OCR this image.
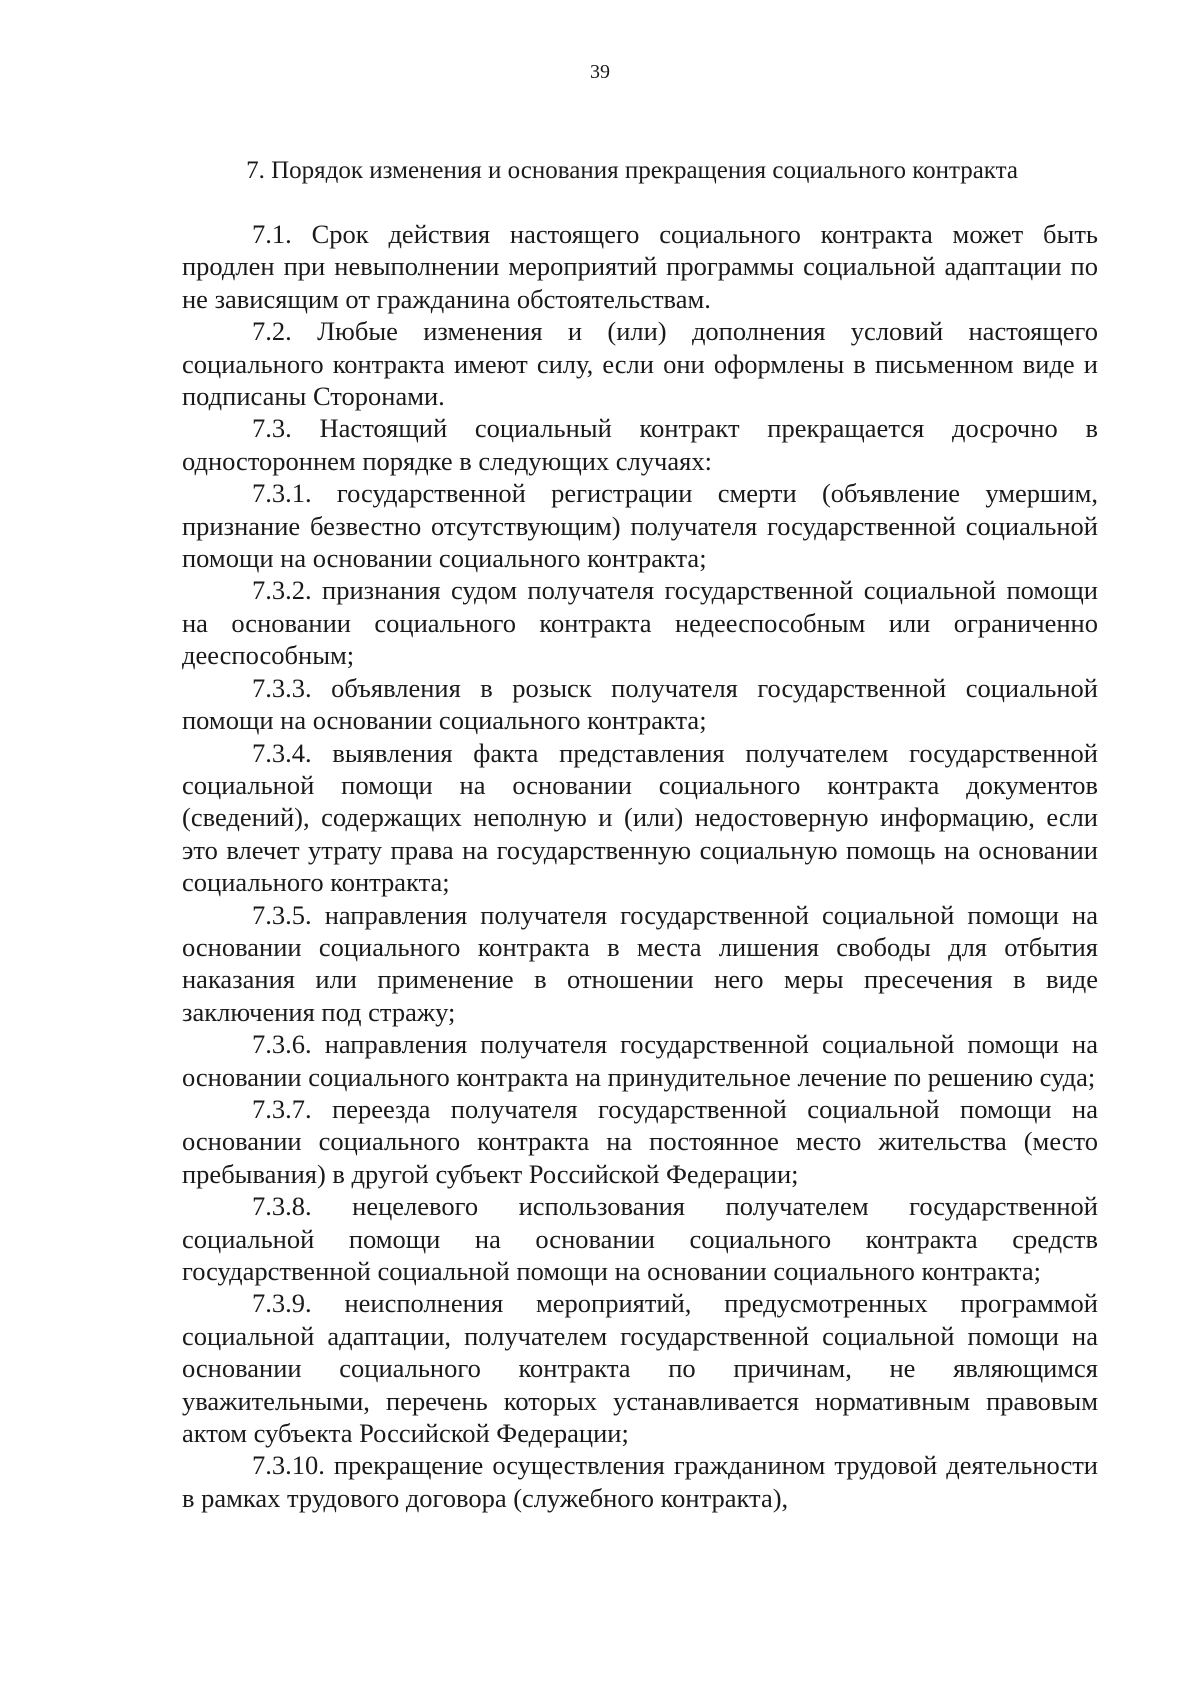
39
7. Порядок изменения и основания прекращения социального контракта

7.1. Срок действия настоящего социального контракта может быть продлен при невыполнении мероприятий программы социальной адаптации по не зависящим от гражданина обстоятельствам.

7.2. Любые изменения и (или) дополнения условий настоящего социального контракта имеют силу, если они оформлены в письменном виде и подписаны Сторонами.

7.3. Настоящий социальный контракт прекращается досрочно в одностороннем порядке в следующих случаях:

7.3.1. государственной регистрации смерти (объявление умершим, признание безвестно отсутствующим) получателя государственной социальной помощи на основании социального контракта;

7.3.2. признания судом получателя государственной социальной помощи на основании социального контракта недееспособным или ограниченно дееспособным;

7.3.3. объявления в розыск получателя государственной социальной помощи на основании социального контракта;

7.3.4. выявления факта представления получателем государственной социальной помощи на основании социального контракта документов (сведений), содержащих неполную и (или) недостоверную информацию, если это влечет утрату права на государственную социальную помощь на основании социального контракта;

7.3.5. направления получателя государственной социальной помощи на основании социального контракта в места лишения свободы для отбытия наказания или применение в отношении него меры пресечения в виде заключения под стражу;

7.3.6. направления получателя государственной социальной помощи на основании социального контракта на принудительное лечение по решению суда;

7.3.7. переезда получателя государственной социальной помощи на основании социального контракта на постоянное место жительства (место пребывания) в другой субъект Российской Федерации;

7.3.8. нецелевого использования получателем государственной социальной помощи на основании социального контракта средств государственной социальной помощи на основании социального контракта;

7.3.9. неисполнения мероприятий, предусмотренных программой социальной адаптации, получателем государственной социальной помощи на основании социального контракта по причинам, не являющимся уважительными, перечень которых устанавливается нормативным правовым актом субъекта Российской Федерации;

7.3.10. прекращение осуществления гражданином трудовой деятельности в рамках трудового договора (служебного контракта),
